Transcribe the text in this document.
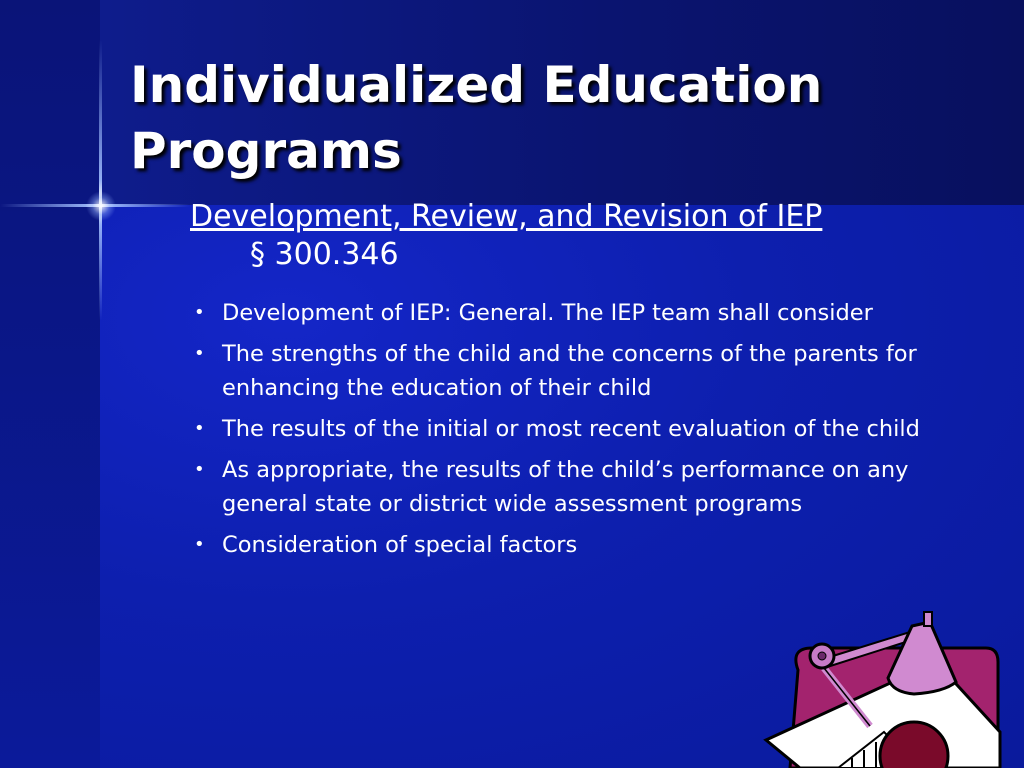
Individualized Education Programs
Development, Review, and Revision of IEP
§ 300.346
• Development of IEP: General. The IEP team shall consider
• The strengths of the child and the concerns of the parents for enhancing the education of their child
• The results of the initial or most recent evaluation of the child
• As appropriate, the results of the child’s performance on any general state or district wide assessment programs
• Consideration of special factors
